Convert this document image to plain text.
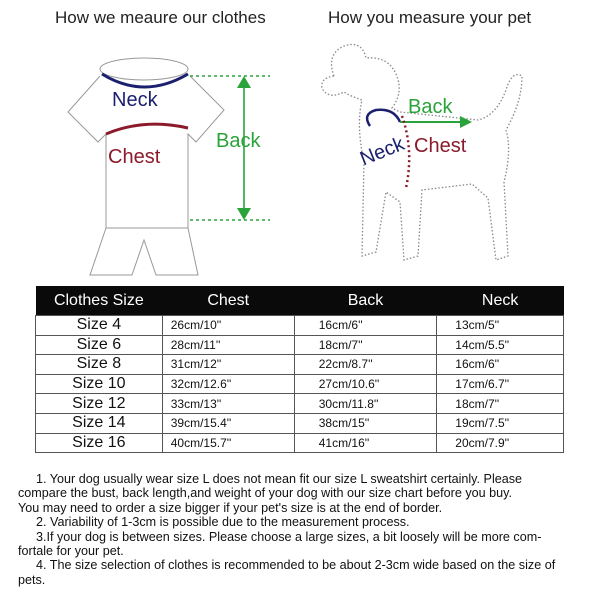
How we meaure our clothes	How you measure your pet
Neck
Chest
Back
Back
Neck Chest
Clothes Size	Chest	Back	Neck
Size 4	26cm/10''	16cm/6''	13cm/5''
Size 6	28cm/11''	18cm/7''	14cm/5.5''
Size 8	31cm/12''	22cm/8.7''	16cm/6''
Size 10	32cm/12.6''	27cm/10.6''	17cm/6.7''
Size 12	33cm/13''	30cm/11.8''	18cm/7''
Size 14	39cm/15.4''	38cm/15''	19cm/7.5''
Size 16	40cm/15.7''	41cm/16''	20cm/7.9''

1. Your dog usually wear size L does not mean fit our size L sweatshirt certainly. Please

compare the bust, back length,and weight of your dog with our size chart before you buy.

You may need to order a size bigger if your pet's size is at the end of border.

2. Variability of 1-3cm is possible due to the measurement process.

3.If your dog is between sizes. Please choose a large sizes, a bit loosely will be more com-

fortale for your pet.

4. The size selection of clothes is recommended to be about 2-3cm wide based on the size of

pets.
